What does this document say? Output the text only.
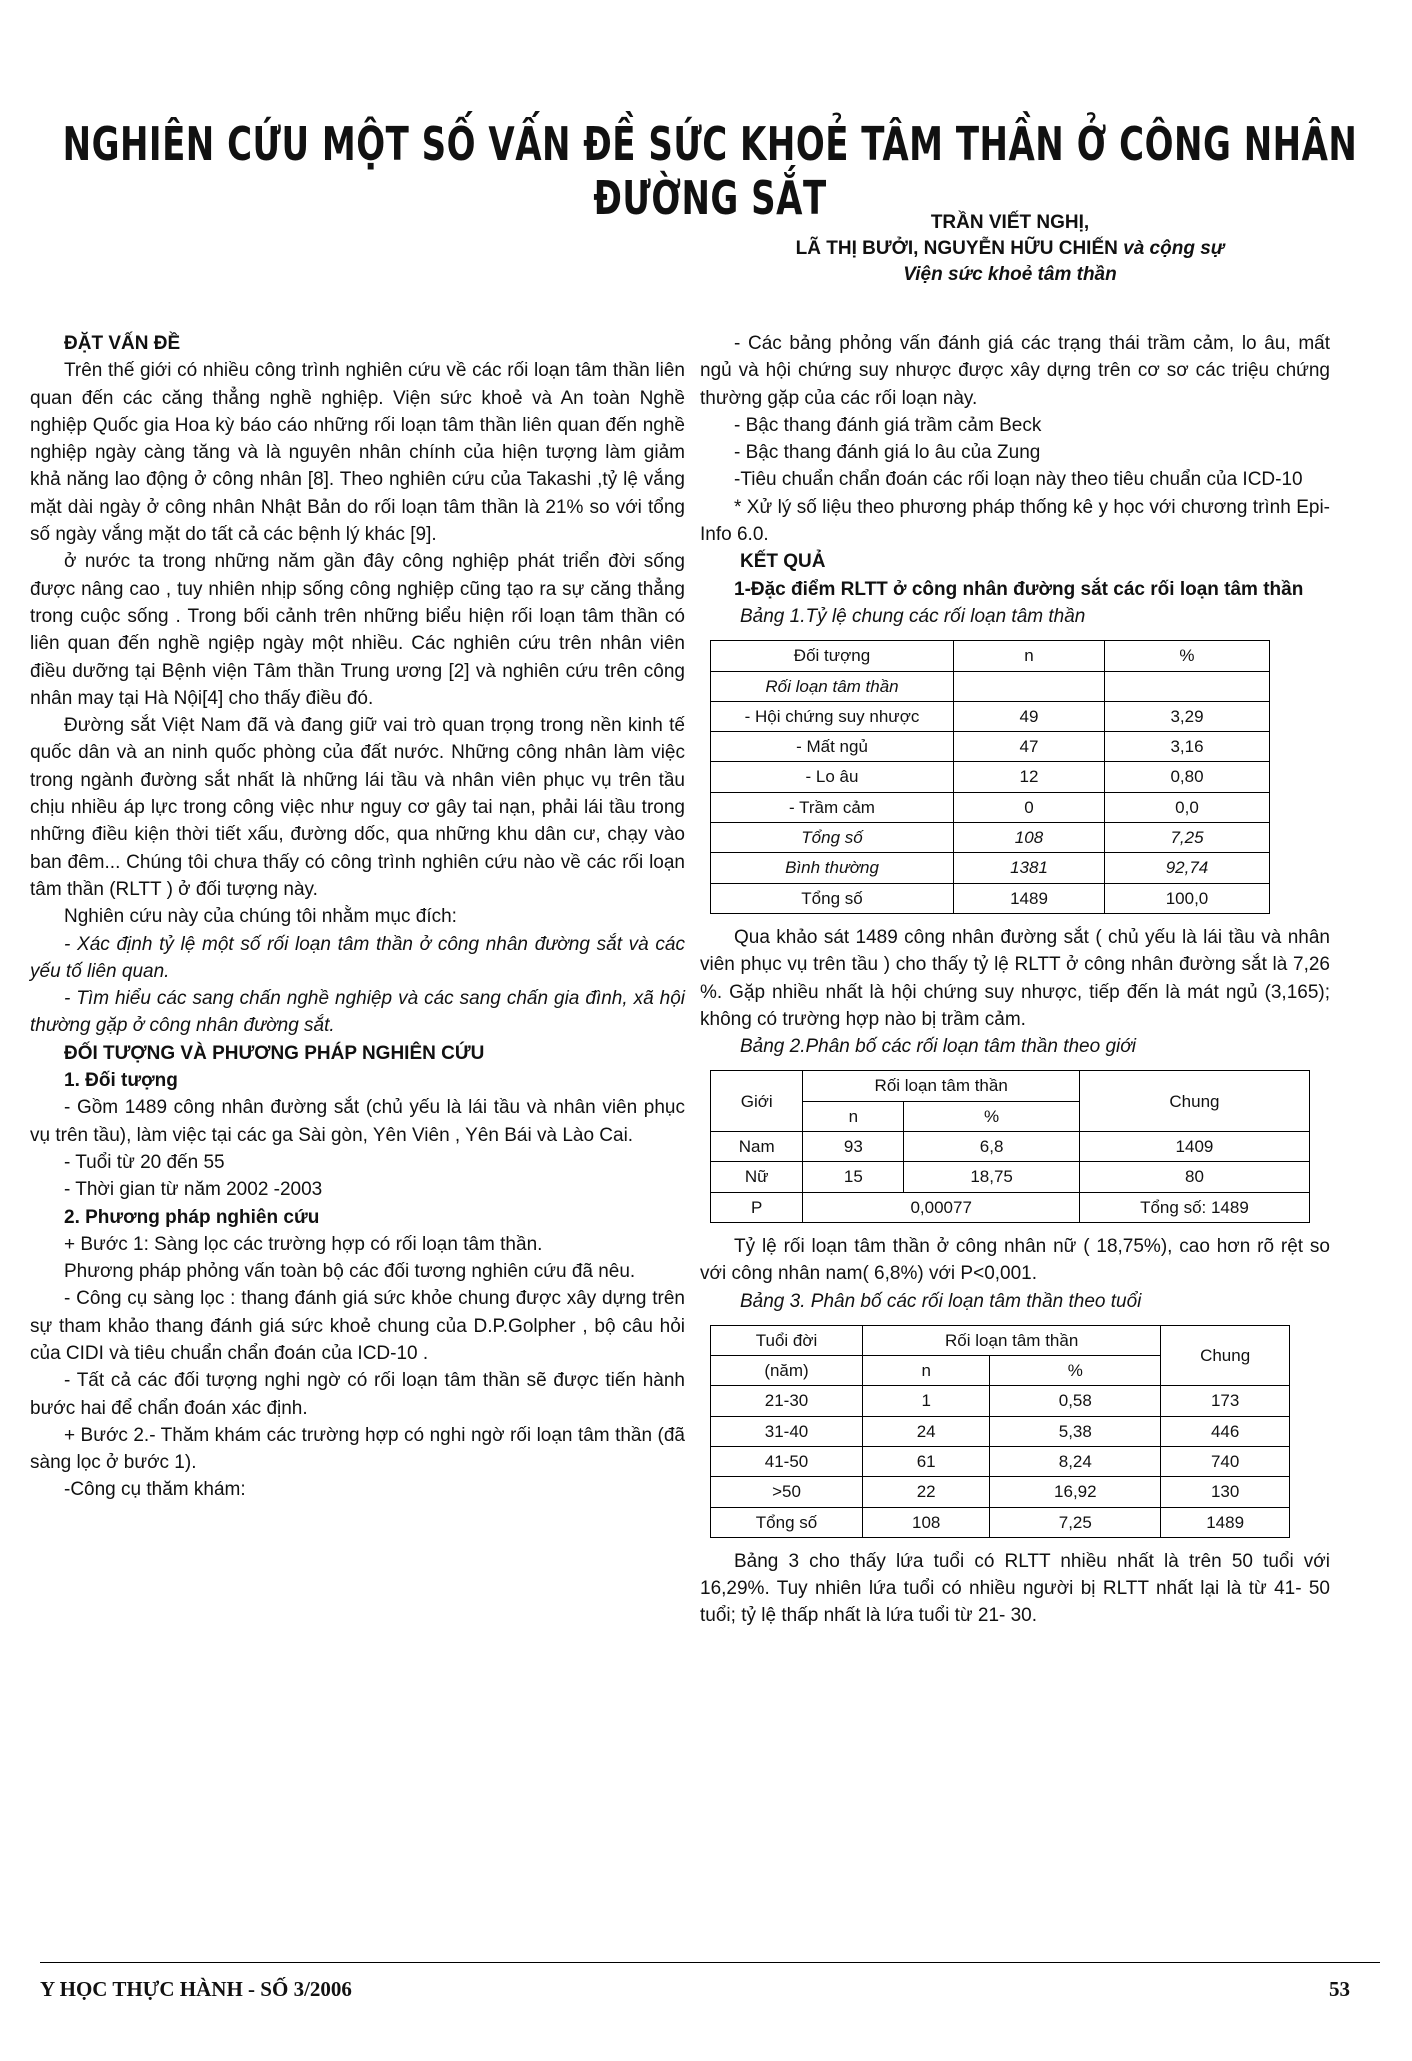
NGHIÊN CỨU MỘT SỐ VẤN ĐỀ SỨC KHOẺ TÂM THẦN Ở CÔNG NHÂN ĐƯỜNG SẮT	TRẦN VIẾT NGHỊ,
LÃ THỊ BƯỞI, NGUYỄN HỮU CHIẾN và cộng sự
Viện sức khoẻ tâm thần

ĐẶT VẤN ĐỀ

Trên thế giới có nhiều công trình nghiên cứu về các rối loạn tâm thần liên quan đến các căng thẳng nghề nghiệp. Viện sức khoẻ và An toàn Nghề nghiệp Quốc gia Hoa kỳ báo cáo những rối loạn tâm thần liên quan đến nghề nghiệp ngày càng tăng và là nguyên nhân chính của hiện tượng làm giảm khả năng lao động ở công nhân [8]. Theo nghiên cứu của Takashi ,tỷ lệ vắng mặt dài ngày ở công nhân Nhật Bản do rối loạn tâm thần là 21% so với tổng số ngày vắng mặt do tất cả các bệnh lý khác [9].

ở nước ta trong những năm gần đây công nghiệp phát triển đời sống được nâng cao , tuy nhiên nhịp sống công nghiệp cũng tạo ra sự căng thẳng trong cuộc sống . Trong bối cảnh trên những biểu hiện rối loạn tâm thần có liên quan đến nghề ngiệp ngày một nhiều. Các nghiên cứu trên nhân viên điều dưỡng tại Bệnh viện Tâm thần Trung ương [2] và nghiên cứu trên công nhân may tại Hà Nội[4] cho thấy điều đó.

Đường sắt Việt Nam đã và đang giữ vai trò quan trọng trong nền kinh tế quốc dân và an ninh quốc phòng của đất nước. Những công nhân làm việc trong ngành đường sắt nhất là những lái tầu và nhân viên phục vụ trên tầu chịu nhiều áp lực trong công việc như nguy cơ gây tai nạn, phải lái tầu trong những điều kiện thời tiết xấu, đường dốc, qua những khu dân cư, chạy vào ban đêm... Chúng tôi chưa thấy có công trình nghiên cứu nào về các rối loạn tâm thần (RLTT ) ở đối tượng này.

Nghiên cứu này của chúng tôi nhằm mục đích:

- Xác định tỷ lệ một số rối loạn tâm thần ở công nhân đường sắt và các yếu tố liên quan.

- Tìm hiểu các sang chấn nghề nghiệp và các sang chấn gia đình, xã hội thường gặp ở công nhân đường sắt.

ĐỐI TƯỢNG VÀ PHƯƠNG PHÁP NGHIÊN CỨU

1. Đối tượng

- Gồm 1489 công nhân đường sắt (chủ yếu là lái tầu và nhân viên phục vụ trên tầu), làm việc tại các ga Sài gòn, Yên Viên , Yên Bái và Lào Cai.

- Tuổi từ 20 đến 55

- Thời gian từ năm 2002 -2003

2. Phương pháp nghiên cứu

+ Bước 1: Sàng lọc các trường hợp có rối loạn tâm thần.

Phương pháp phỏng vấn toàn bộ các đối tương nghiên cứu đã nêu.

- Công cụ sàng lọc : thang đánh giá sức khỏe chung được xây dựng trên sự tham khảo thang đánh giá sức khoẻ chung của D.P.Golpher , bộ câu hỏi của CIDI và tiêu chuẩn chẩn đoán của ICD-10 .

- Tất cả các đối tượng nghi ngờ có rối loạn tâm thần sẽ được tiến hành bước hai để chẩn đoán xác định.

+ Bước 2.- Thăm khám các trường hợp có nghi ngờ rối loạn tâm thần (đã sàng lọc ở bước 1).

-Công cụ thăm khám:

- Các bảng phỏng vấn đánh giá các trạng thái trầm cảm, lo âu, mất ngủ và hội chứng suy nhược được xây dựng trên cơ sơ các triệu chứng thường gặp của các rối loạn này.

- Bậc thang đánh giá trầm cảm Beck

- Bậc thang đánh giá lo âu của Zung

-Tiêu chuẩn chẩn đoán các rối loạn này theo tiêu chuẩn của ICD-10

* Xử lý số liệu theo phương pháp thống kê y học với chương trình Epi-Info 6.0.

KẾT QUẢ

1-Đặc điểm RLTT ở công nhân đường sắt các rối loạn tâm thần

Bảng 1.Tỷ lệ chung các rối loạn tâm thần

Đối tượng	n	%
Rối loạn tâm thần		
- Hội chứng suy nhược	49	3,29
- Mất ngủ	47	3,16
- Lo âu	12	0,80
- Trầm cảm	0	0,0
Tổng số	108	7,25
Bình thường	1381	92,74
Tổng số	1489	100,0

Qua khảo sát 1489 công nhân đường sắt ( chủ yếu là lái tầu và nhân viên phục vụ trên tầu ) cho thấy tỷ lệ RLTT ở công nhân đường sắt là 7,26 %. Gặp nhiều nhất là hội chứng suy nhược, tiếp đến là mát ngủ (3,165); không có trường hợp nào bị trầm cảm.

Bảng 2.Phân bố các rối loạn tâm thần theo giới

Giới	Rối loạn tâm thần		Chung
	n	%	
Nam	93	6,8	1409
Nữ	15	18,75	80
P	0,00077		Tổng số: 1489

Tỷ lệ rối loạn tâm thần ở công nhân nữ ( 18,75%), cao hơn rõ rệt so với công nhân nam( 6,8%) với P<0,001.

Bảng 3. Phân bố các rối loạn tâm thần theo tuổi

Tuổi đời	Rối loạn tâm thần		Chung
(năm)	n	%	
21-30	1	0,58	173
31-40	24	5,38	446
41-50	61	8,24	740
>50	22	16,92	130
Tổng số	108	7,25	1489

Bảng 3 cho thấy lứa tuổi có RLTT nhiều nhất là trên 50 tuổi với 16,29%. Tuy nhiên lứa tuổi có nhiều người bị RLTT nhất lại là từ 41- 50 tuổi; tỷ lệ thấp nhất là lứa tuổi từ 21- 30.

Y HỌC THỰC HÀNH - SỐ 3/2006	53
